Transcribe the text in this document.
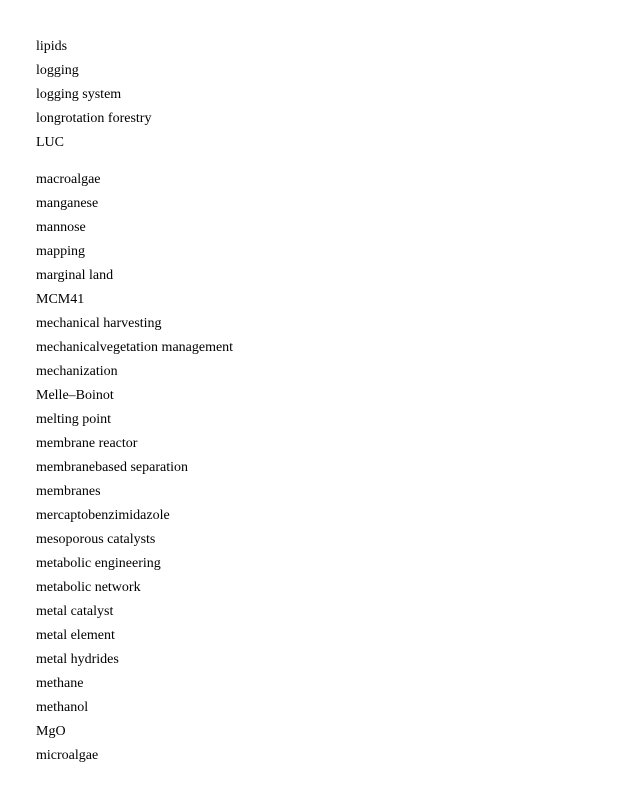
lipids
logging
logging system
longrotation forestry
LUC
macroalgae
manganese
mannose
mapping
marginal land
MCM41
mechanical harvesting
mechanicalvegetation management
mechanization
Melle–Boinot
melting point
membrane reactor
membranebased separation
membranes
mercaptobenzimidazole
mesoporous catalysts
metabolic engineering
metabolic network
metal catalyst
metal element
metal hydrides
methane
methanol
MgO
microalgae
